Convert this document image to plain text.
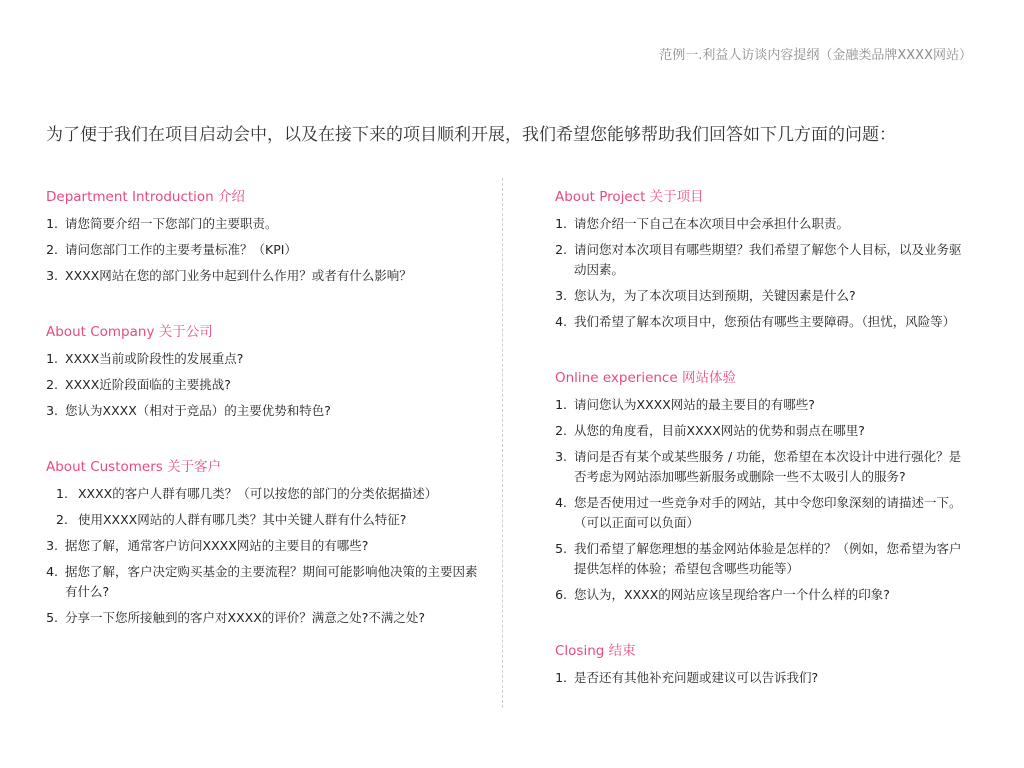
范例一.利益人访谈内容提纲（金融类品牌XXXX网站）
为了便于我们在项目启动会中，以及在接下来的项目顺利开展，我们希望您能够帮助我们回答如下几方面的问题：
Department Introduction 介绍
1. 请您简要介绍一下您部门的主要职责。
2. 请问您部门工作的主要考量标准？（KPI）
3. XXXX网站在您的部门业务中起到什么作用？或者有什么影响？
About Company 关于公司
1. XXXX当前或阶段性的发展重点?
2. XXXX近阶段面临的主要挑战?
3. 您认为XXXX（相对于竞品）的主要优势和特色?
About Customers 关于客户
1. XXXX的客户人群有哪几类？（可以按您的部门的分类依据描述）
2. 使用XXXX网站的人群有哪几类？其中关键人群有什么特征?
3. 据您了解，通常客户访问XXXX网站的主要目的有哪些?
4. 据您了解，客户决定购买基金的主要流程？期间可能影响他决策的主要因素有什么?
5. 分享一下您所接触到的客户对XXXX的评价？满意之处?不满之处?
About Project 关于项目
1. 请您介绍一下自己在本次项目中会承担什么职责。
2. 请问您对本次项目有哪些期望？我们希望了解您个人目标，以及业务驱动因素。
3. 您认为，为了本次项目达到预期，关键因素是什么?
4. 我们希望了解本次项目中，您预估有哪些主要障碍。（担忧，风险等）
Online experience 网站体验
1. 请问您认为XXXX网站的最主要目的有哪些?
2. 从您的角度看，目前XXXX网站的优势和弱点在哪里?
3. 请问是否有某个或某些服务 / 功能，您希望在本次设计中进行强化？是否考虑为网站添加哪些新服务或删除一些不太吸引人的服务?
4. 您是否使用过一些竞争对手的网站，其中令您印象深刻的请描述一下。（可以正面可以负面）
5. 我们希望了解您理想的基金网站体验是怎样的？（例如，您希望为客户提供怎样的体验；希望包含哪些功能等）
6. 您认为，XXXX的网站应该呈现给客户一个什么样的印象?
Closing 结束
1. 是否还有其他补充问题或建议可以告诉我们?
